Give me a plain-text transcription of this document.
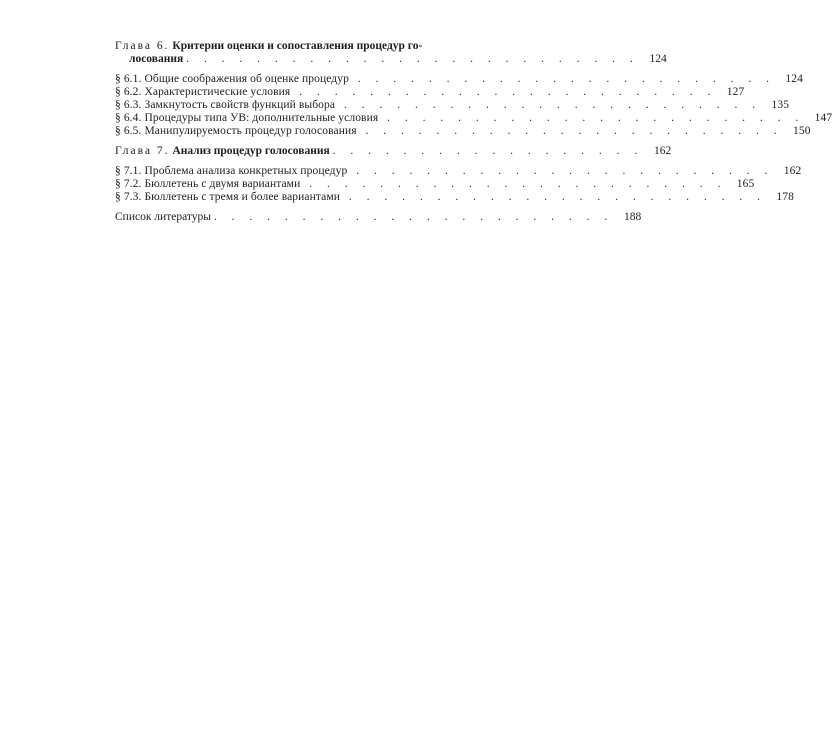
Глава 6. Критерии оценки и сопоставления процедур го-
лосования . . . . . . . . . . . . . . . . . . . . . . . . . . 124
§ 6.1. Общие соображения об оценке процедур . . . . . . . . . . . . . . . . . . . . . . . . 124
§ 6.2. Характеристические условия . . . . . . . . . . . . . . . . . . . . . . . . 127
§ 6.3. Замкнутость свойств функций выбора . . . . . . . . . . . . . . . . . . . . . . . . 135
§ 6.4. Процедуры типа УВ: дополнительные условия . . . . . . . . . . . . . . . . . . . . . . . . 147
§ 6.5. Манипулируемость процедур голосования . . . . . . . . . . . . . . . . . . . . . . . . 150
Глава 7. Анализ процедур голосования . . . . . . . . . . . . . . . . . . 162
§ 7.1. Проблема анализа конкретных процедур . . . . . . . . . . . . . . . . . . . . . . . . 162
§ 7.2. Бюллетень с двумя вариантами . . . . . . . . . . . . . . . . . . . . . . . . 165
§ 7.3. Бюллетень с тремя и более вариантами . . . . . . . . . . . . . . . . . . . . . . . . 178
Список литературы . . . . . . . . . . . . . . . . . . . . . . . 188
